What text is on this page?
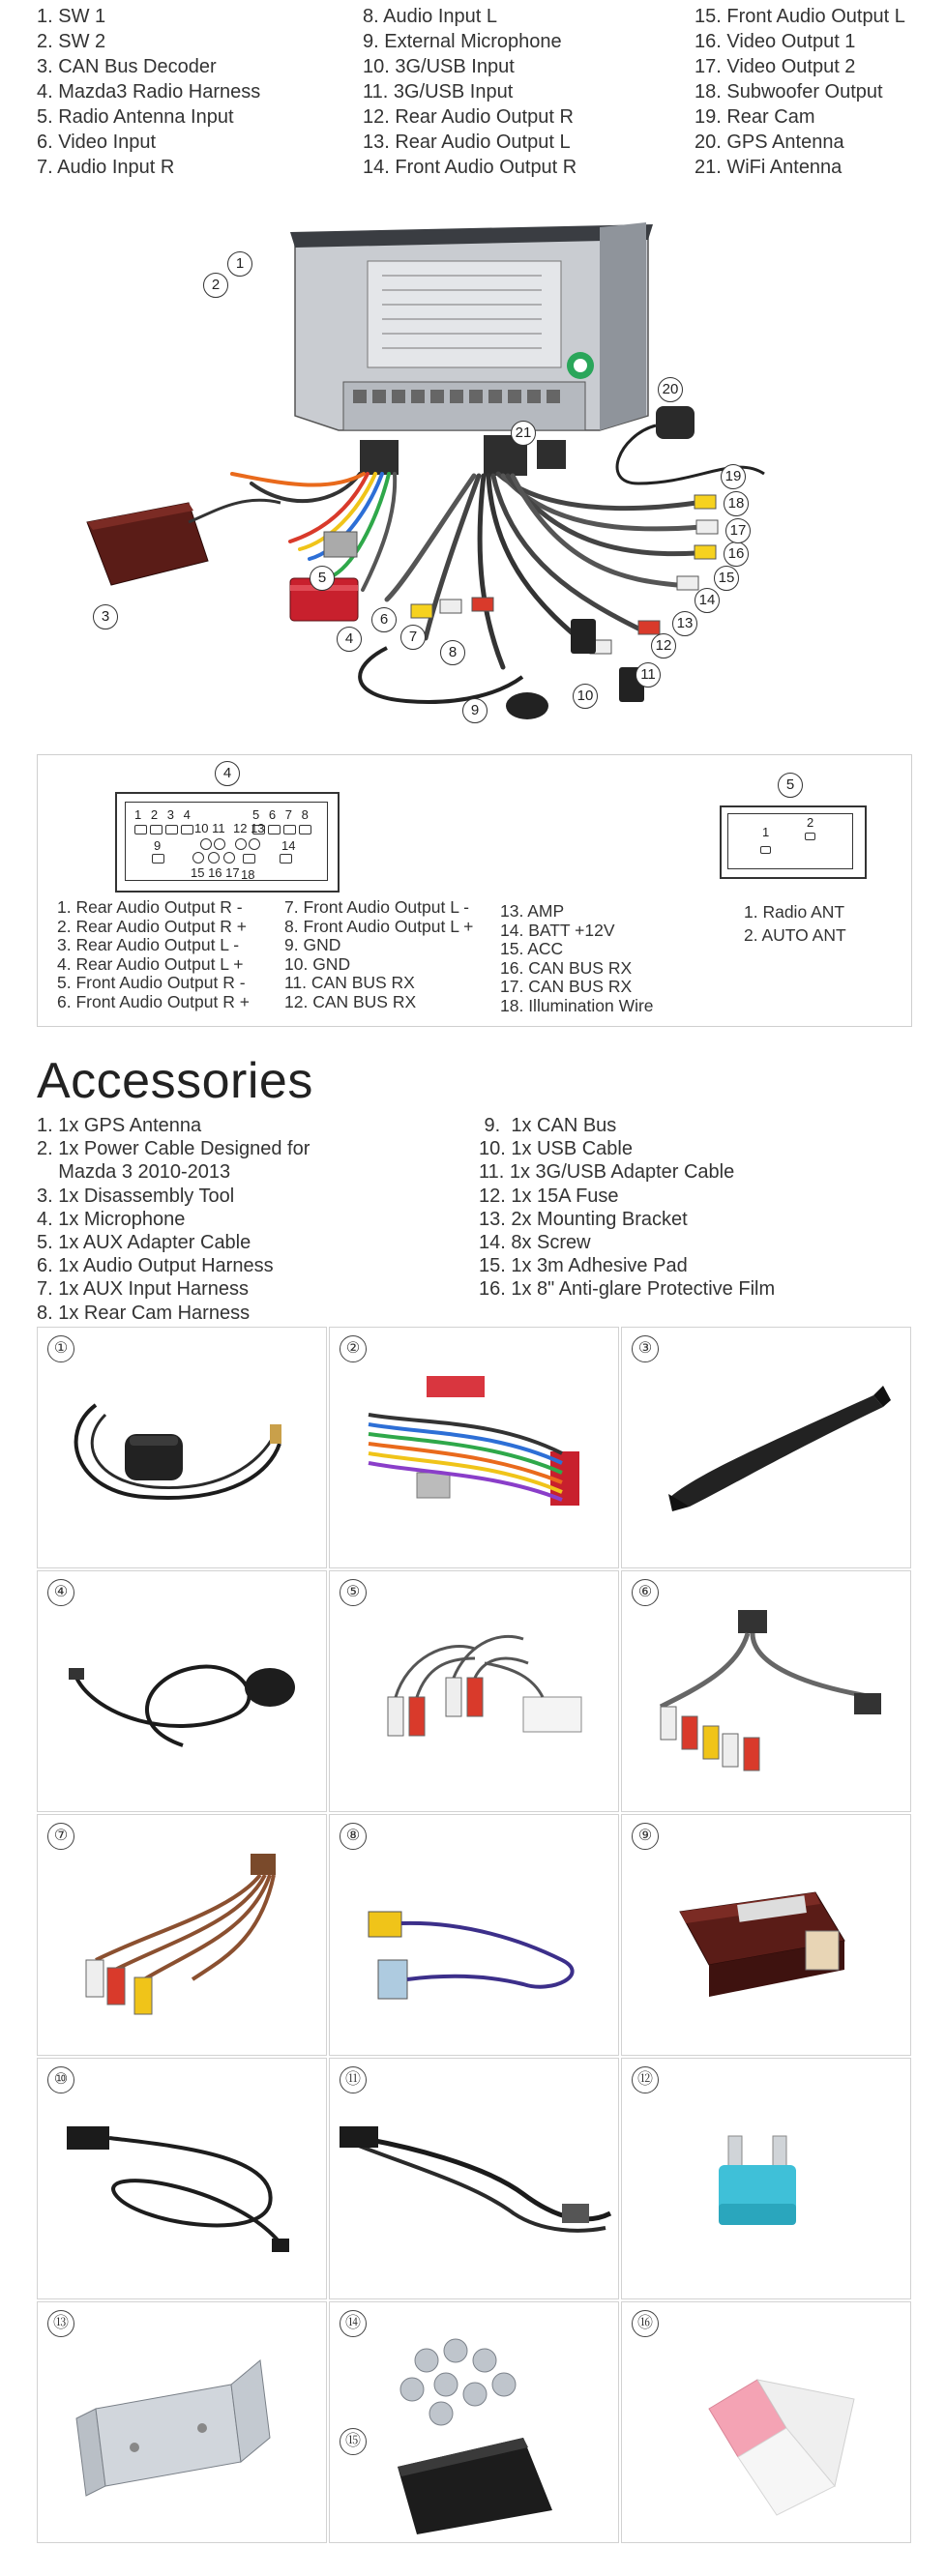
1. SW 1
2. SW 2
3. CAN Bus Decoder
4. Mazda3 Radio Harness
5. Radio Antenna Input
6. Video Input
7. Audio Input R
8. Audio Input L
9. External Microphone
10. 3G/USB Input
11. 3G/USB Input
12. Rear Audio Output R
13. Rear Audio Output L
14. Front Audio Output R
15. Front Audio Output L
16. Video Output 1
17. Video Output 2
18. Subwoofer Output
19. Rear Cam
20. GPS Antenna
21. WiFi Antenna
1
2
3
4
5
6
7
8
9
10
11
12
13
14
15
16
17
18
19
20
21
4
5
1 2 3 4	5 6 7 8
10 11 12 13
9	14
15 16 17 18
1
2
1. Rear Audio Output R -
2. Rear Audio Output R +
3. Rear Audio Output L -
4. Rear Audio Output L +
5. Front Audio Output R -
6. Front Audio Output R +
7. Front Audio Output L -
8. Front Audio Output L +
9. GND
10. GND
11. CAN BUS RX
12. CAN BUS RX
13. AMP
14. BATT +12V
15. ACC
16. CAN BUS RX
17. CAN BUS RX
18. Illumination Wire
1. Radio ANT
2. AUTO ANT
Accessories
1. 1x GPS Antenna
2. 1x Power Cable Designed for
Mazda 3 2010-2013
3. 1x Disassembly Tool
4. 1x Microphone
5. 1x AUX Adapter Cable
6. 1x Audio Output Harness
7. 1x AUX Input Harness
8. 1x Rear Cam Harness
9.  1x CAN Bus
10. 1x USB Cable
11. 1x 3G/USB Adapter Cable
12. 1x 15A Fuse
13. 2x Mounting Bracket
14. 8x Screw
15. 1x 3m Adhesive Pad
16. 1x 8" Anti-glare Protective Film
①	②	③
④	⑤	⑥
⑦	⑧	⑨
⑩	⑪	⑫
⑬	⑭
⑮
⑯
